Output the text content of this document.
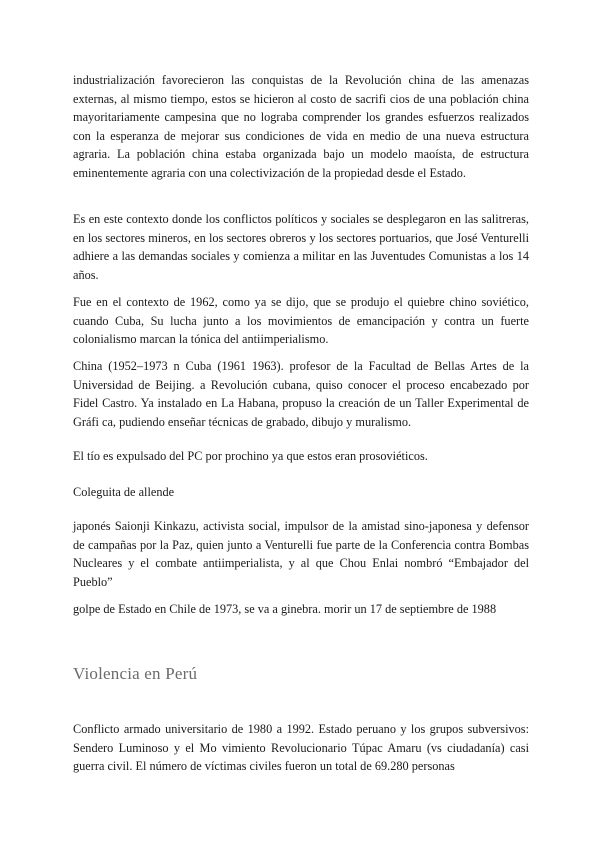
industrialización favorecieron las conquistas de la Revolución china de las amenazas externas, al mismo tiempo, estos se hicieron al costo de sacrifi cios de una población china mayoritariamente campesina que no lograba comprender los grandes esfuerzos realizados con la esperanza de mejorar sus condiciones de vida en medio de una nueva estructura agraria. La población china estaba organizada bajo un modelo maoísta, de estructura eminentemente agraria con una colectivización de la propiedad desde el Estado.

Es en este contexto donde los conflictos políticos y sociales se desplegaron en las salitreras, en los sectores mineros, en los sectores obreros y los sectores portuarios, que José Venturelli adhiere a las demandas sociales y comienza a militar en las Juventudes Comunistas a los 14 años.

Fue en el contexto de 1962, como ya se dijo, que se produjo el quiebre chino soviético, cuando Cuba, Su lucha junto a los movimientos de emancipación y contra un fuerte colonialismo marcan la tónica del antiimperialismo.

China (1952–1973 n Cuba (1961 1963). profesor de la Facultad de Bellas Artes de la Universidad de Beijing. a Revolución cubana, quiso conocer el proceso encabezado por Fidel Castro. Ya instalado en La Habana, propuso la creación de un Taller Experimental de Gráfi ca, pudiendo enseñar técnicas de grabado, dibujo y muralismo.

El tío es expulsado del PC por prochino ya que estos eran prosoviéticos.

Coleguita de allende

japonés Saionji Kinkazu, activista social, impulsor de la amistad sino-japonesa y defensor de campañas por la Paz, quien junto a Venturelli fue parte de la Conferencia contra Bombas Nucleares y el combate antiimperialista, y al que Chou Enlai nombró “Embajador del Pueblo”

golpe de Estado en Chile de 1973, se va a ginebra. morir un 17 de septiembre de 1988

Violencia en Perú

Conflicto armado universitario de 1980 a 1992. Estado peruano y los grupos subversivos: Sendero Luminoso y el Mo vimiento Revolucionario Túpac Amaru (vs ciudadanía) casi guerra civil. El número de víctimas civiles fueron un total de 69.280 personas
